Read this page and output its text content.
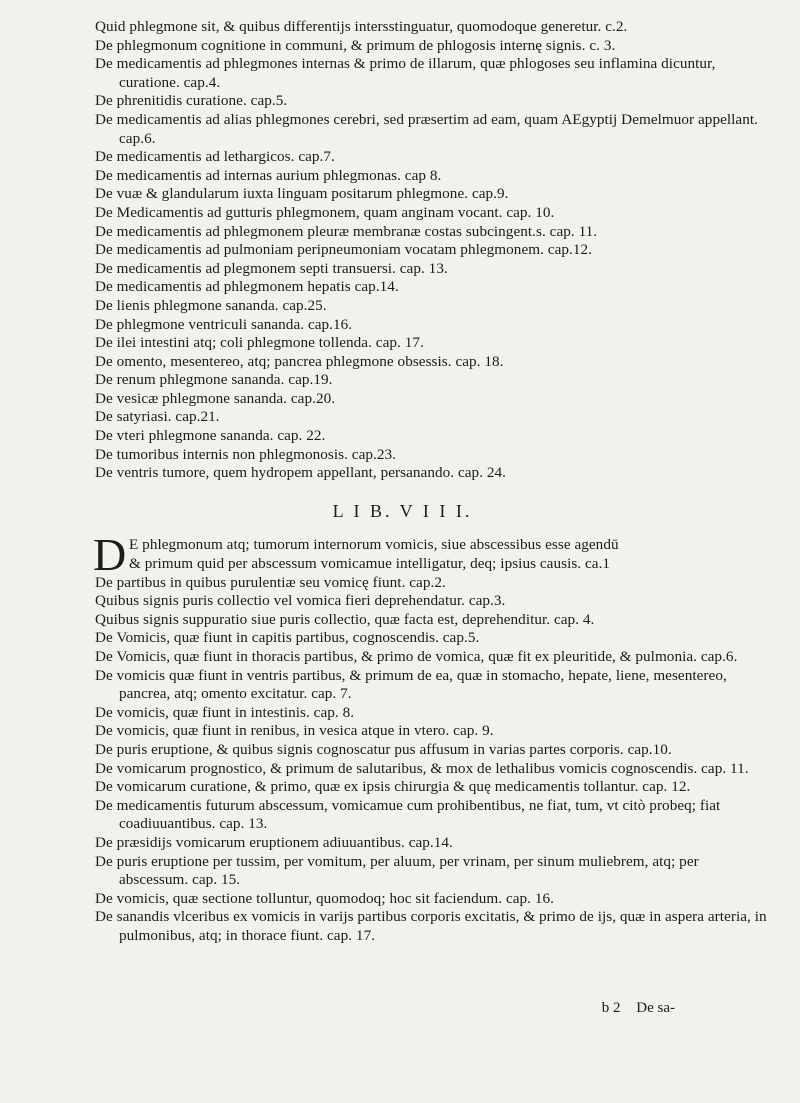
Quid phlegmone sit, & quibus differentijs intersstinguatur, quomodoque generetur. c.2.
De phlegmonum cognitione in communi, & primum de phlogosis internę signis. c. 3.
De medicamentis ad phlegmones internas & primo de illarum, quæ phlogoses seu inflamina dicuntur, curatione. cap.4.
De phrenitidis curatione. cap.5.
De medicamentis ad alias phlegmones cerebri, sed præsertim ad eam, quam AEgyptij Demelmuor appellant. cap.6.
De medicamentis ad lethargicos. cap.7.
De medicamentis ad internas aurium phlegmonas. cap 8.
De vuæ & glandularum iuxta linguam positarum phlegmone. cap.9.
De Medicamentis ad gutturis phlegmonem, quam anginam vocant. cap. 10.
De medicamentis ad phlegmonem pleuræ membranæ costas subcingent.s. cap. 11.
De medicamentis ad pulmoniam peripneumoniam vocatam phlegmonem. cap.12.
De medicamentis ad plegmonem septi transuersi. cap. 13.
De medicamentis ad phlegmonem hepatis cap.14.
De lienis phlegmone sananda. cap.25.
De phlegmone ventriculi sananda. cap.16.
De ilei intestini atq; coli phlegmone tollenda. cap. 17.
De omento, mesentereo, atq; pancrea phlegmone obsessis. cap. 18.
De renum phlegmone sananda. cap.19.
De vesicæ phlegmone sananda. cap.20.
De satyriasi. cap.21.
De vteri phlegmone sananda. cap. 22.
De tumoribus internis non phlegmonosis. cap.23.
De ventris tumore, quem hydropem appellant, persanando. cap. 24.
L I B. V I I I.
D E phlegmonum atq; tumorum internorum vomicis, siue abscessibus esse agendū
& primum quid per abscessum vomicamue intelligatur, deq; ipsius causis. ca.1
De partibus in quibus purulentiæ seu vomicę fiunt. cap.2.
Quibus signis puris collectio vel vomica fieri deprehendatur. cap.3.
Quibus signis suppuratio siue puris collectio, quæ facta est, deprehenditur. cap. 4.
De Vomicis, quæ fiunt in capitis partibus, cognoscendis. cap.5.
De Vomicis, quæ fiunt in thoracis partibus, & primo de vomica, quæ fit ex pleuritide, & pulmonia. cap.6.
De vomicis quæ fiunt in ventris partibus, & primum de ea, quæ in stomacho, hepate, liene, mesentereo, pancrea, atq; omento excitatur. cap. 7.
De vomicis, quæ fiunt in intestinis. cap. 8.
De vomicis, quæ fiunt in renibus, in vesica atque in vtero. cap. 9.
De puris eruptione, & quibus signis cognoscatur pus affusum in varias partes corporis. cap.10.
De vomicarum prognostico, & primum de salutaribus, & mox de lethalibus vomicis cognoscendis. cap. 11.
De vomicarum curatione, & primo, quæ ex ipsis chirurgia & quę medicamentis tollantur. cap. 12.
De medicamentis futurum abscessum, vomicamue cum prohibentibus, ne fiat, tum, vt citò probeq; fiat coadiuuantibus. cap. 13.
De præsidijs vomicarum eruptionem adiuuantibus. cap.14.
De puris eruptione per tussim, per vomitum, per aluum, per vrinam, per sinum muliebrem, atq; per abscessum. cap. 15.
De vomicis, quæ sectione tolluntur, quomodoq; hoc sit faciendum. cap. 16.
De sanandis vlceribus ex vomicis in varijs partibus corporis excitatis, & primo de ijs, quæ in aspera arteria, in pulmonibus, atq; in thorace fiunt. cap. 17.
b 2 De sa-
